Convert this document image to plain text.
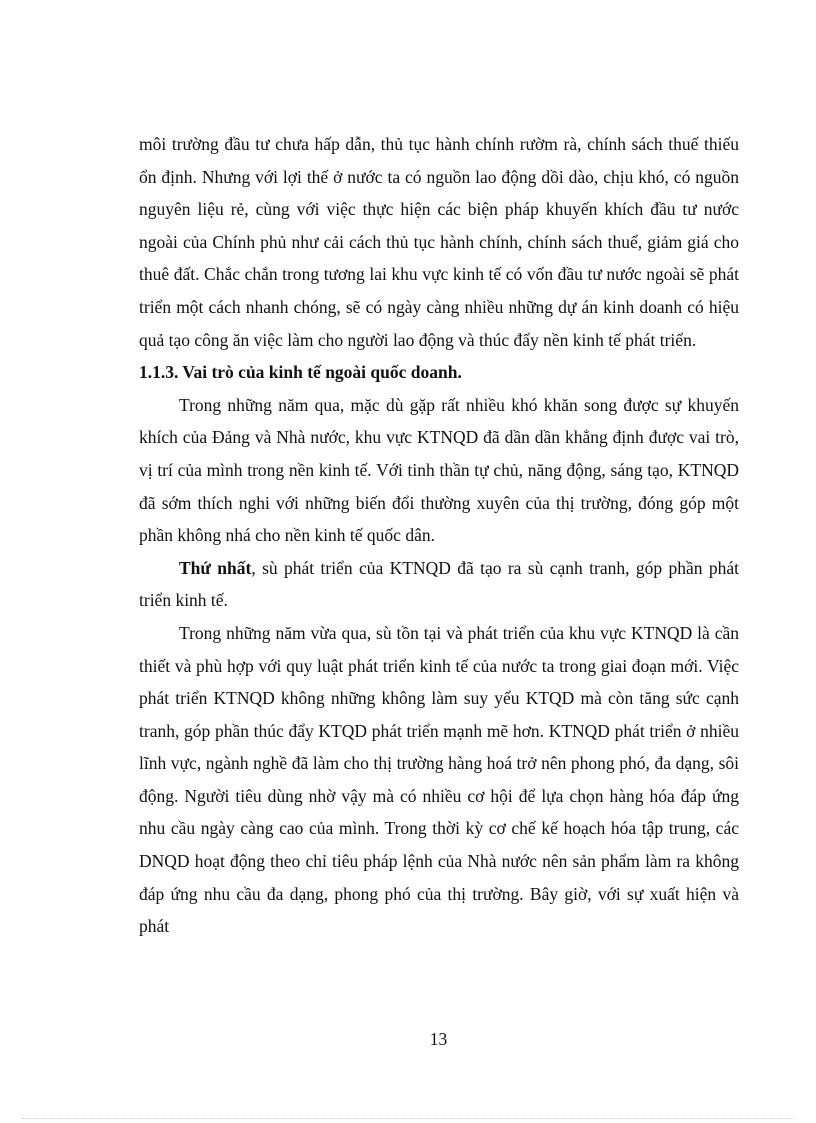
môi trường đầu tư chưa hấp dẫn, thủ tục hành chính rườm rà, chính sách thuế thiếu ổn định. Nhưng với lợi thế ở nước ta có nguồn lao động dồi dào, chịu khó, có nguồn nguyên liệu rẻ, cùng với việc thực hiện các biện pháp khuyến khích đầu tư nước ngoài của Chính phủ như cải cách thủ tục hành chính, chính sách thuế, giảm giá cho thuê đất. Chắc chắn trong tương lai khu vực kinh tế có vốn đầu tư nước ngoài sẽ phát triển một cách nhanh chóng, sẽ có ngày càng nhiều những dự án kinh doanh có hiệu quả tạo công ăn việc làm cho người lao động và thúc đẩy nền kinh tế phát triển.

1.1.3. Vai trò của kinh tế ngoài quốc doanh.

Trong những năm qua, mặc dù gặp rất nhiều khó khăn song được sự khuyến khích của Đảng và Nhà nước, khu vực KTNQD đã dần dần khẳng định được vai trò, vị trí của mình trong nền kinh tế. Với tinh thần tự chủ, năng động, sáng tạo, KTNQD đã sớm thích nghi với những biến đổi thường xuyên của thị trường, đóng góp một phần không nhá cho nền kinh tế quốc dân.

Thứ nhất, sù phát triển của KTNQD đã tạo ra sù cạnh tranh, góp phần phát triển kinh tế.

Trong những năm vừa qua, sù tồn tại và phát triển của khu vực KTNQD là cần thiết và phù hợp với quy luật phát triển kinh tế của nước ta trong giai đoạn mới. Việc phát triển KTNQD không những không làm suy yếu KTQD mà còn tăng sức cạnh tranh, góp phần thúc đẩy KTQD phát triển mạnh mẽ hơn. KTNQD phát triển ở nhiều lĩnh vực, ngành nghề đã làm cho thị trường hàng hoá trở nên phong phó, đa dạng, sôi động. Người tiêu dùng nhờ vậy mà có nhiều cơ hội để lựa chọn hàng hóa đáp ứng nhu cầu ngày càng cao của mình. Trong thời kỳ cơ chế kế hoạch hóa tập trung, các DNQD hoạt động theo chỉ tiêu pháp lệnh của Nhà nước nên sản phẩm làm ra không đáp ứng nhu cầu đa dạng, phong phó của thị trường. Bây giờ, với sự xuất hiện và phát

13
